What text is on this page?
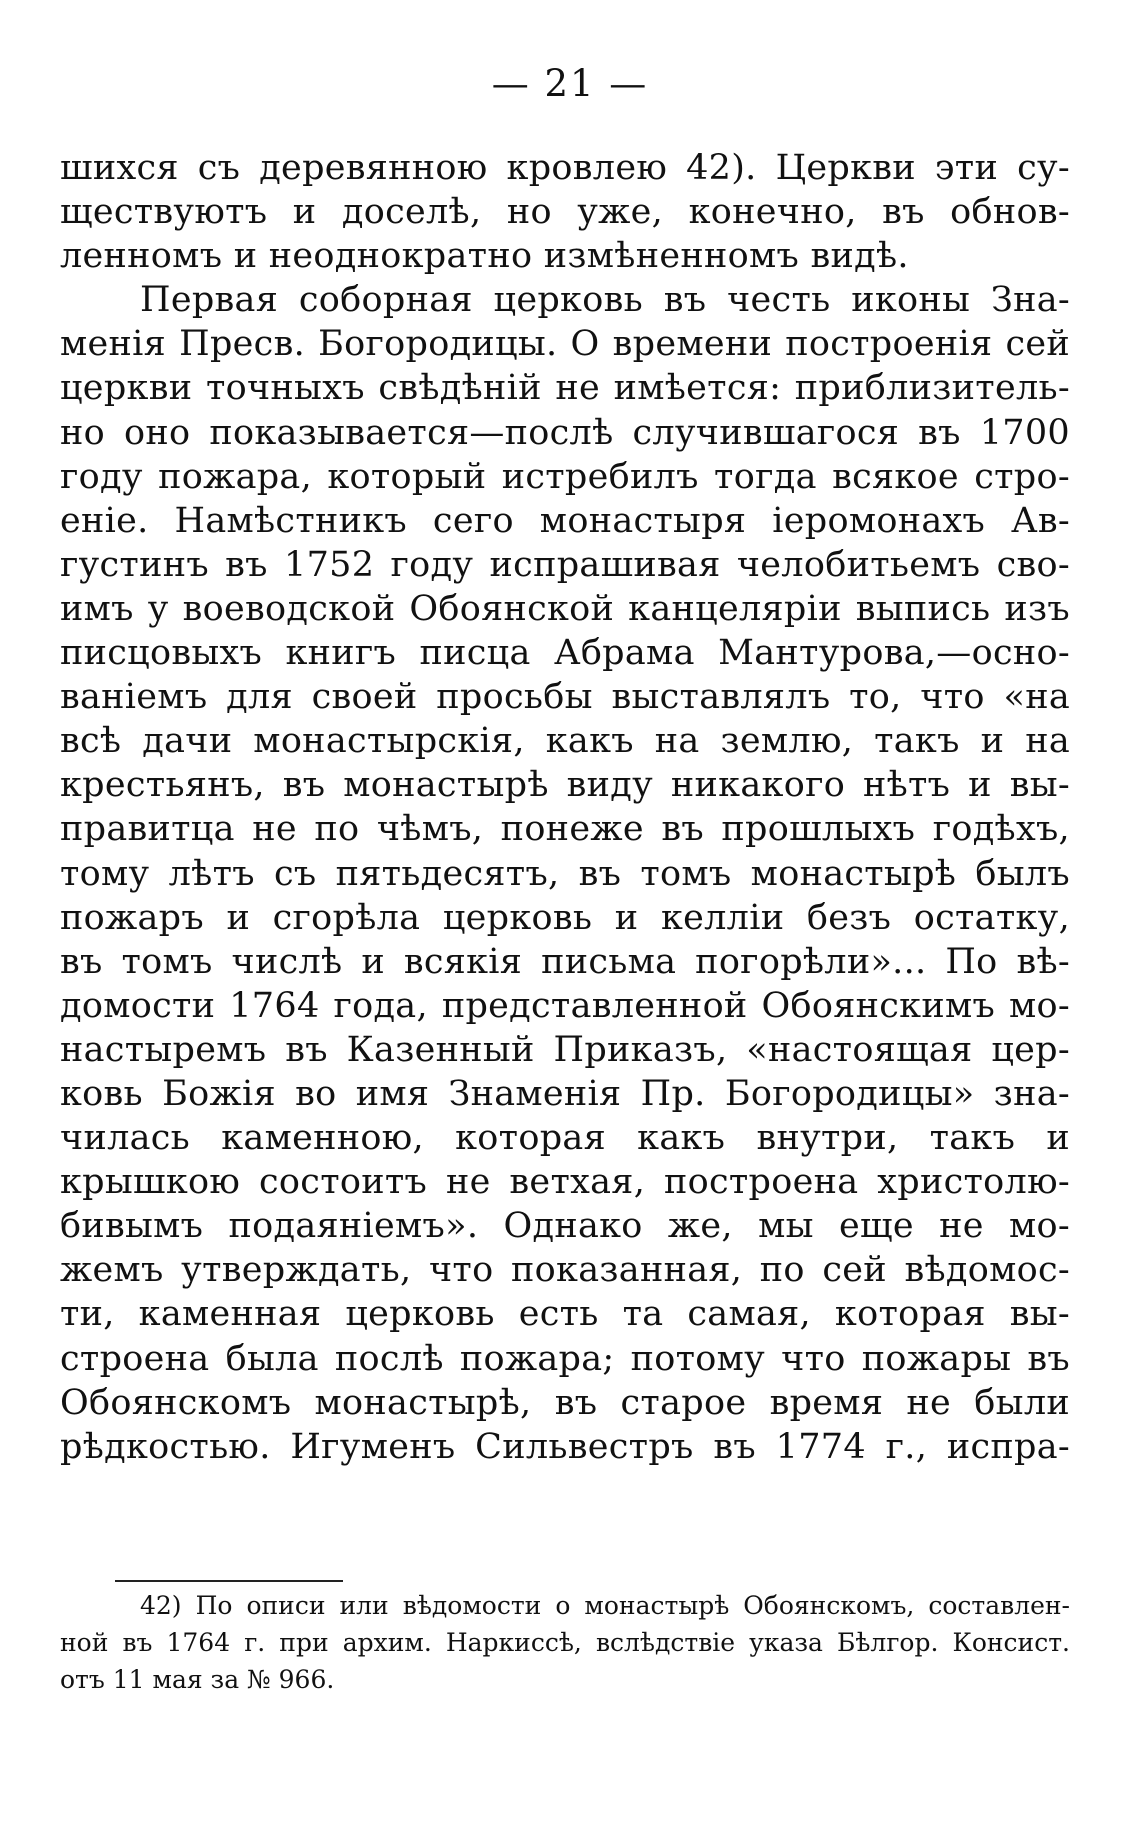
— 21 —
шихся съ деревянною кровлею 42). Церкви эти су-
ществуютъ и доселѣ, но уже, конечно, въ обнов-
ленномъ и неоднократно измѣненномъ видѣ.
Первая соборная церковь въ честь иконы Зна-
менія Пресв. Богородицы. О времени построенія сей
церкви точныхъ свѣдѣній не имѣется: приблизитель-
но оно показывается—послѣ случившагося въ 1700
году пожара, который истребилъ тогда всякое стро-
еніе. Намѣстникъ сего монастыря іеромонахъ Ав-
густинъ въ 1752 году испрашивая челобитьемъ сво-
имъ у воеводской Обоянской канцеляріи выпись изъ
писцовыхъ книгъ писца Абрама Мантурова,—осно-
ваніемъ для своей просьбы выставлялъ то, что «на
всѣ дачи монастырскія, какъ на землю, такъ и на
крестьянъ, въ монастырѣ виду никакого нѣтъ и вы-
правитца не по чѣмъ, понеже въ прошлыхъ годѣхъ,
тому лѣтъ съ пятьдесятъ, въ томъ монастырѣ былъ
пожаръ и сгорѣла церковь и келліи безъ остатку,
въ томъ числѣ и всякія письма погорѣли»... По вѣ-
домости 1764 года, представленной Обоянскимъ мо-
настыремъ въ Казенный Приказъ, «настоящая цер-
ковь Божія во имя Знаменія Пр. Богородицы» зна-
чилась каменною, которая какъ внутри, такъ и
крышкою состоитъ не ветхая, построена христолю-
бивымъ подаяніемъ». Однако же, мы еще не мо-
жемъ утверждать, что показанная, по сей вѣдомос-
ти, каменная церковь есть та самая, которая вы-
строена была послѣ пожара; потому что пожары въ
Обоянскомъ монастырѣ, въ старое время не были
рѣдкостью. Игуменъ Сильвестръ въ 1774 г., испра-
42) По описи или вѣдомости о монастырѣ Обоянскомъ, составлен-
ной въ 1764 г. при архим. Наркиссѣ, вслѣдствіе указа Бѣлгор. Консист.
отъ 11 мая за № 966.
